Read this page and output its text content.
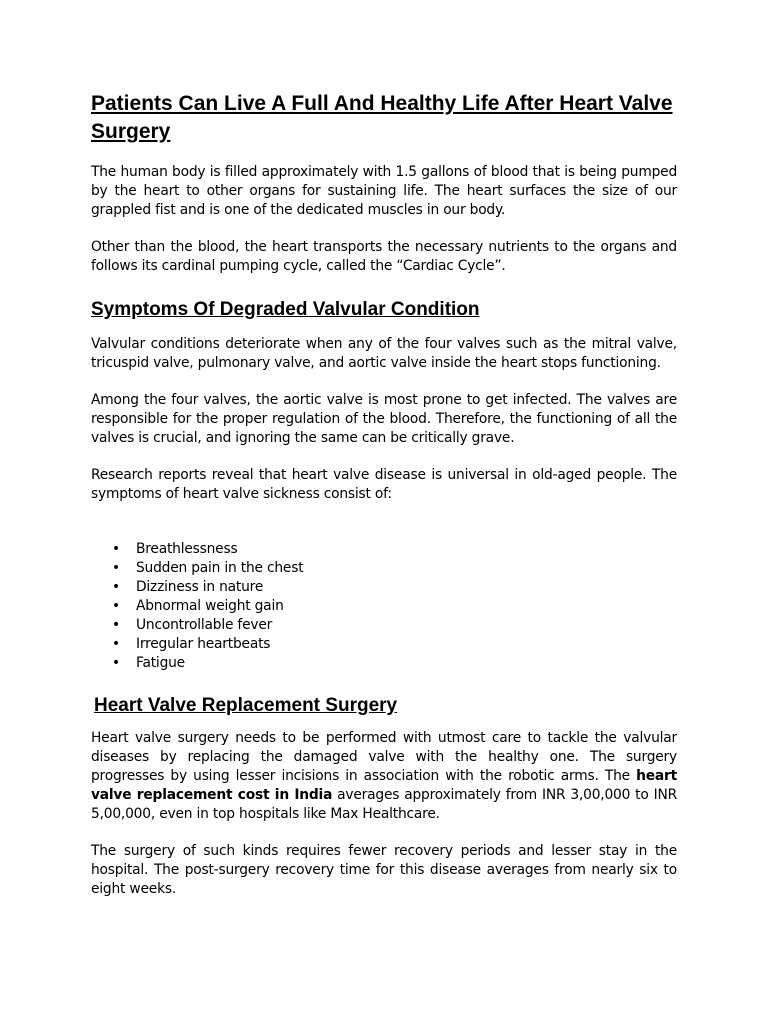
Patients Can Live A Full And Healthy Life After Heart Valve Surgery

The human body is filled approximately with 1.5 gallons of blood that is being pumped by the heart to other organs for sustaining life. The heart surfaces the size of our grappled fist and is one of the dedicated muscles in our body.

Other than the blood, the heart transports the necessary nutrients to the organs and follows its cardinal pumping cycle, called the “Cardiac Cycle”.

Symptoms Of Degraded Valvular Condition

Valvular conditions deteriorate when any of the four valves such as the mitral valve, tricuspid valve, pulmonary valve, and aortic valve inside the heart stops functioning.

Among the four valves, the aortic valve is most prone to get infected. The valves are responsible for the proper regulation of the blood. Therefore, the functioning of all the valves is crucial, and ignoring the same can be critically grave.

Research reports reveal that heart valve disease is universal in old-aged people. The symptoms of heart valve sickness consist of:

• Breathlessness
• Sudden pain in the chest
• Dizziness in nature
• Abnormal weight gain
• Uncontrollable fever
• Irregular heartbeats
• Fatigue
Heart Valve Replacement Surgery

Heart valve surgery needs to be performed with utmost care to tackle the valvular diseases by replacing the damaged valve with the healthy one. The surgery progresses by using lesser incisions in association with the robotic arms. The heart valve replacement cost in India averages approximately from INR 3,00,000 to INR 5,00,000, even in top hospitals like Max Healthcare.

The surgery of such kinds requires fewer recovery periods and lesser stay in the hospital. The post-surgery recovery time for this disease averages from nearly six to eight weeks.
